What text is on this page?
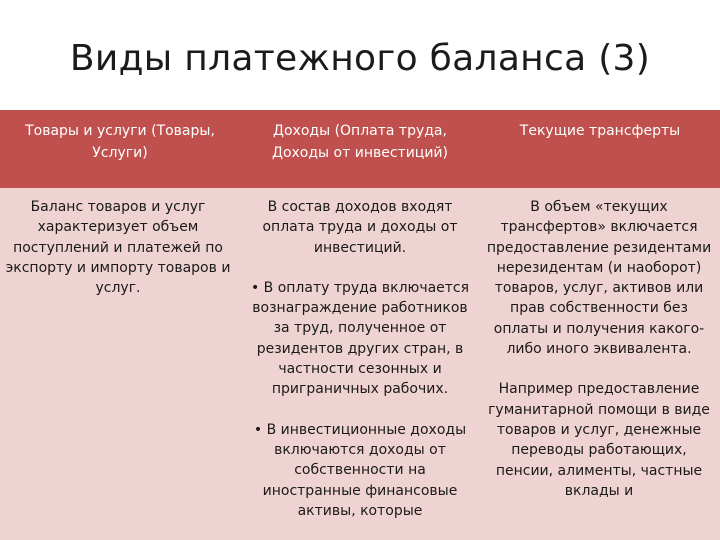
Виды платежного баланса (3)
Товары и услуги (Товары, Услуги)
Доходы (Оплата труда, Доходы от инвестиций)
Текущие трансферты

Баланс товаров и услуг характеризует объем поступлений и платежей по экспорту и импорту товаров и услуг.

В состав доходов входят оплата труда и доходы от инвестиций.

• В оплату труда включается вознаграждение работников за труд, полученное от резидентов других стран, в частности сезонных и приграничных рабочих.

• В инвестиционные доходы включаются доходы от собственности на иностранные финансовые активы, которые

В объем «текущих трансфертов» включается предоставление резидентами нерезидентам (и наоборот) товаров, услуг, активов или прав собственности без оплаты и получения какого-либо иного эквивалента.

Например предоставление гуманитарной помощи в виде товаров и услуг, денежные переводы работающих, пенсии, алименты, частные вклады и
